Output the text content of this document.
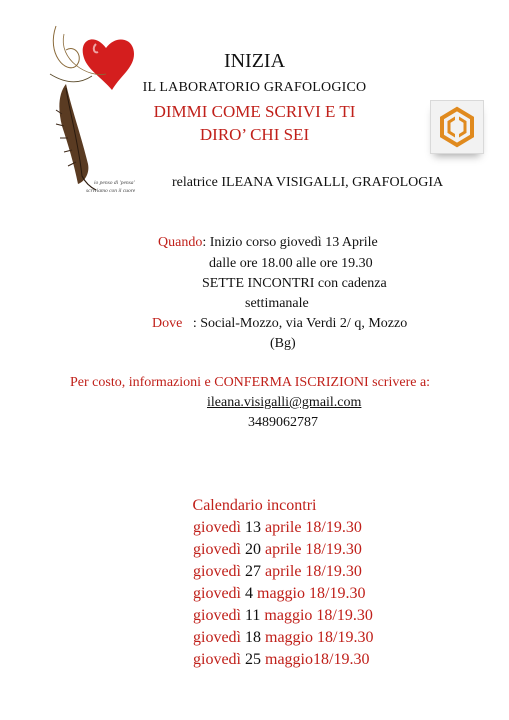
io penso di 'pensa'
scriviamo con il cuore
INIZIA
IL LABORATORIO GRAFOLOGICO
DIMMI COME SCRIVI E TI
DIRO’ CHI SEI
relatrice ILEANA VISIGALLI, GRAFOLOGIA
Quando: Inizio corso giovedì 13 Aprile
dalle ore 18.00 alle ore 19.30
SETTE INCONTRI con cadenza
settimanale
Dove : Social-Mozzo, via Verdi 2/ q, Mozzo
(Bg)
Per costo, informazioni e CONFERMA ISCRIZIONI scrivere a:
ileana.visigalli@gmail.com
3489062787
Calendario incontri
giovedì 13 aprile 18/19.30
giovedì 20 aprile 18/19.30
giovedì 27 aprile 18/19.30
giovedì 4 maggio 18/19.30
giovedì 11 maggio 18/19.30
giovedì 18 maggio 18/19.30
giovedì 25 maggio18/19.30
